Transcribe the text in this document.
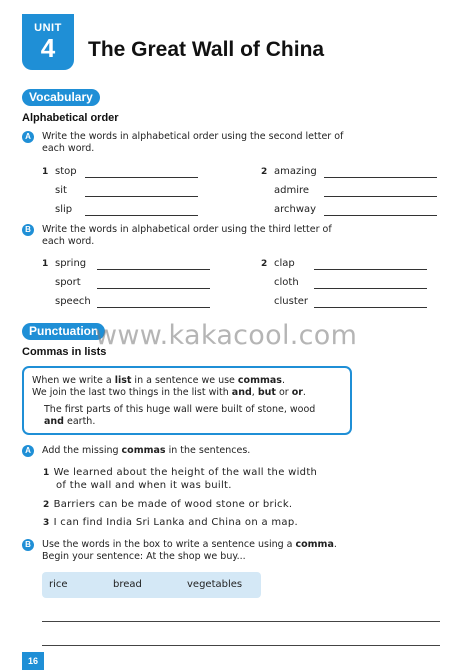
UNIT
4	The Great Wall of China
Vocabulary
Alphabetical order
A	Write the words in alphabetical order using the second letter of
each word.
1 stop
sit
slip
2 amazing
admire
archway
B	Write the words in alphabetical order using the third letter of
each word.
1 spring
sport
speech
2 clap
cloth
cluster
Punctuation
Commas in lists
When we write a list in a sentence we use commas.
We join the last two things in the list with and, but or or.
The first parts of this huge wall were built of stone, wood
and earth.
A	Add the missing commas in the sentences.
1 We learned about the height of the wall the width
of the wall and when it was built.
2 Barriers can be made of wood stone or brick.
3 I can find India Sri Lanka and China on a map.
B	Use the words in the box to write a sentence using a comma.
Begin your sentence: At the shop we buy...
rice	bread	vegetables
16
www.kakacool.com
